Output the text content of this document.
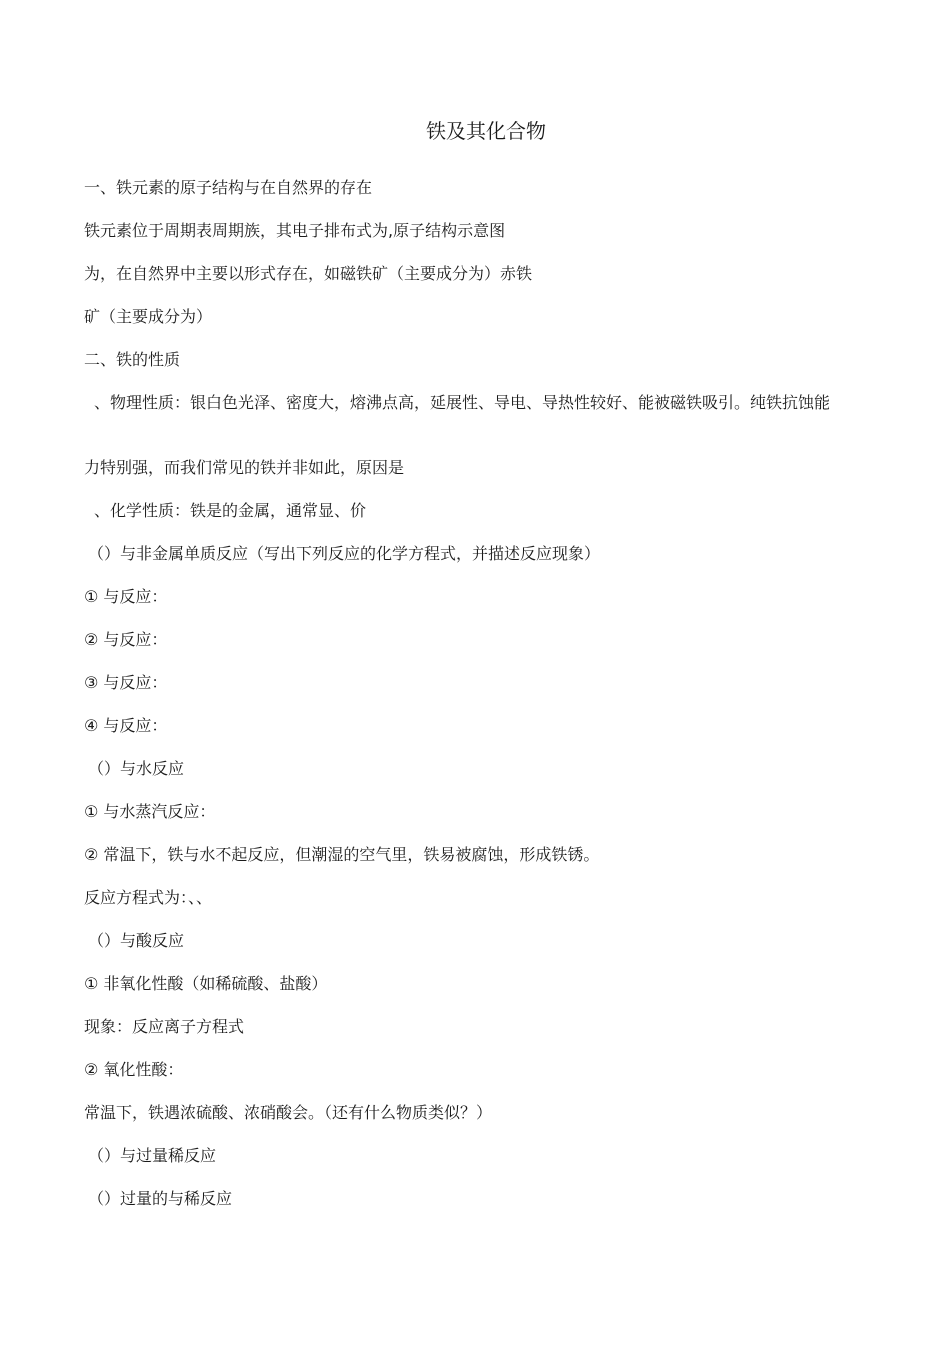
铁及其化合物
一、铁元素的原子结构与在自然界的存在
铁元素位于周期表周期族，其电子排布式为,原子结构示意图
为，在自然界中主要以形式存在，如磁铁矿（主要成分为）赤铁
矿（主要成分为）
二、铁的性质
、物理性质：银白色光泽、密度大，熔沸点高，延展性、导电、导热性较好、能被磁铁吸引。纯铁抗蚀能
力特别强，而我们常见的铁并非如此，原因是
、化学性质：铁是的金属，通常显、价
（）与非金属单质反应（写出下列反应的化学方程式，并描述反应现象）
① 与反应：
② 与反应：
③ 与反应：
④ 与反应：
（）与水反应
① 与水蒸汽反应：
② 常温下，铁与水不起反应，但潮湿的空气里，铁易被腐蚀，形成铁锈。
反应方程式为：、、
（）与酸反应
① 非氧化性酸（如稀硫酸、盐酸）
现象：反应离子方程式
② 氧化性酸：
常温下，铁遇浓硫酸、浓硝酸会。（还有什么物质类似？）
（）与过量稀反应
（）过量的与稀反应
